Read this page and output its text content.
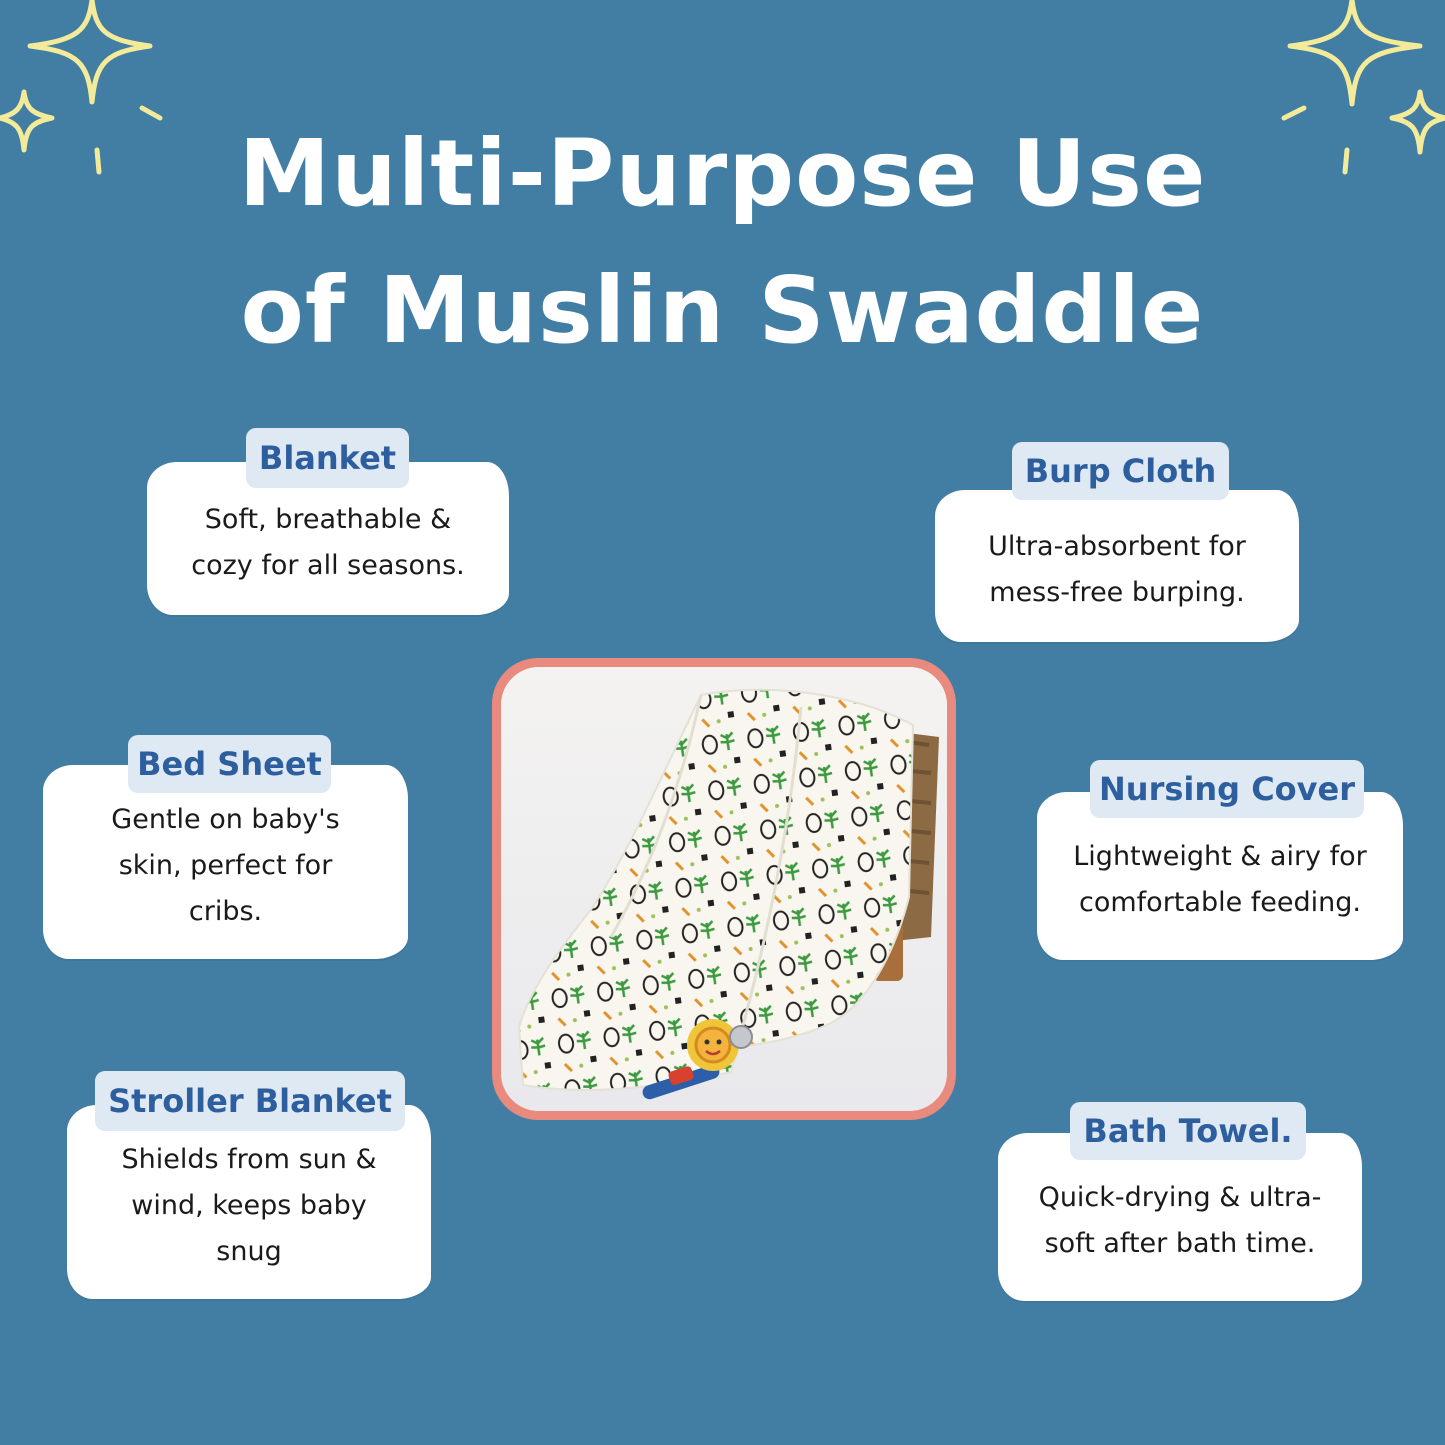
Multi-Purpose Use
of Muslin Swaddle
Soft, breathable &
cozy for all seasons.
Blanket
Ultra-absorbent for
mess-free burping.
Burp Cloth
Gentle on baby's
skin, perfect for
cribs.
Bed Sheet
Lightweight & airy for
comfortable feeding.
Nursing Cover
Shields from sun &
wind, keeps baby
snug
Stroller Blanket
Quick-drying & ultra-
soft after bath time.
Bath Towel.
